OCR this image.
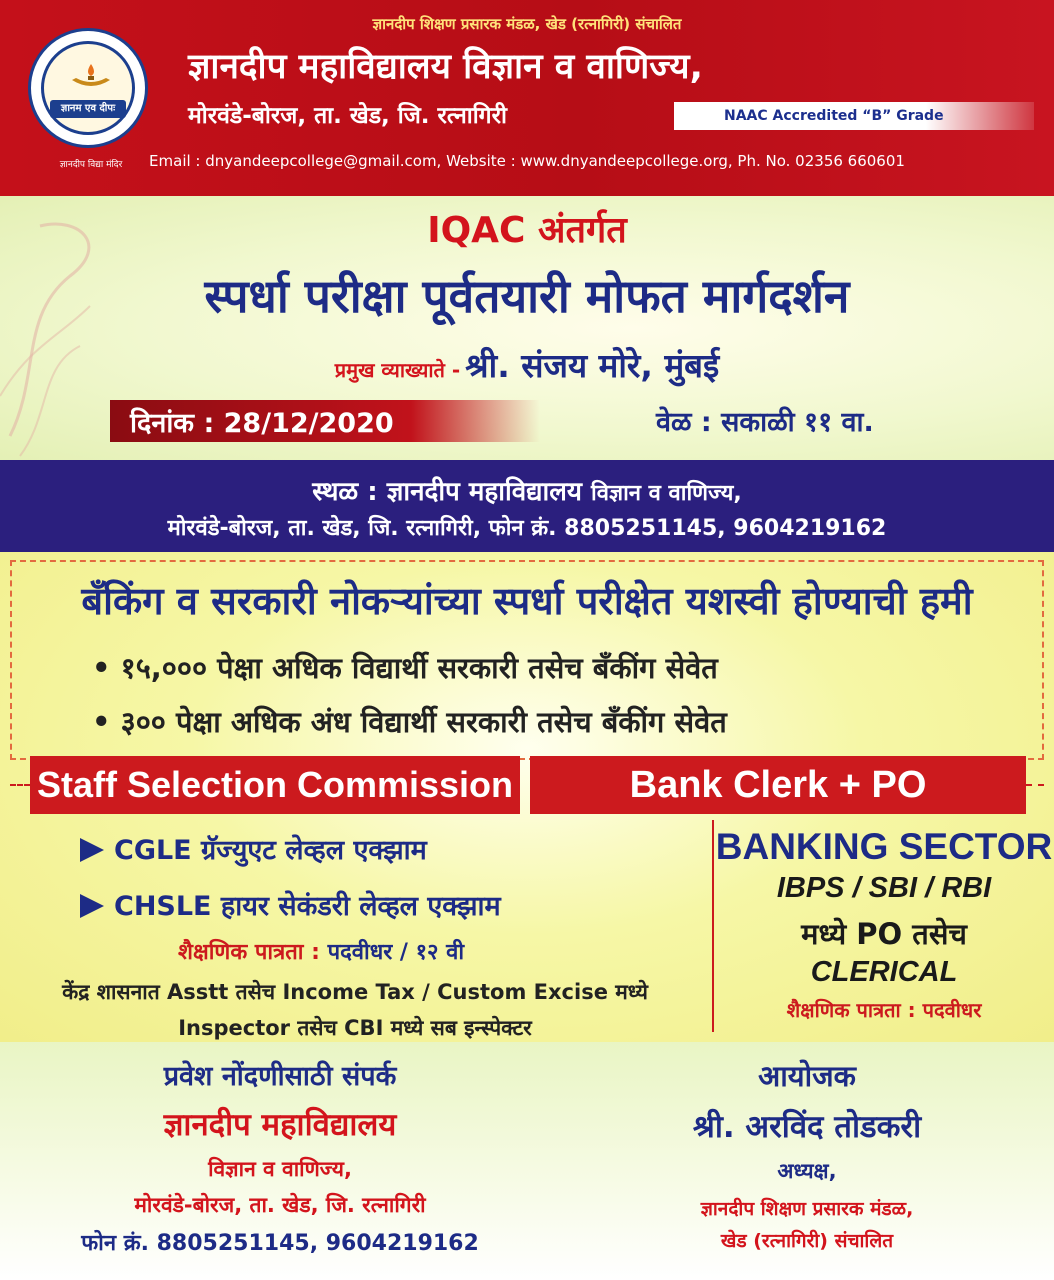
ज्ञानदीप शिक्षण प्रसारक मंडळ, खेड (रत्नागिरी) संचालित
ज्ञानम एव दीपः
ज्ञानदीप विद्या मंदिर
ज्ञानदीप महाविद्यालय विज्ञान व वाणिज्य,
मोरवंडे-बोरज, ता. खेड, जि. रत्नागिरी	NAAC Accredited “B” Grade
Email : dnyandeepcollege@gmail.com, Website : www.dnyandeepcollege.org, Ph. No. 02356 660601
IQAC अंतर्गत
स्पर्धा परीक्षा पूर्वतयारी मोफत मार्गदर्शन
प्रमुख व्याख्याते - श्री. संजय मोरे, मुंबई
दिनांक : 28/12/2020	वेळ : सकाळी ११ वा.
स्थळ : ज्ञानदीप महाविद्यालय विज्ञान व वाणिज्य,
मोरवंडे-बोरज, ता. खेड, जि. रत्नागिरी, फोन क्रं. 8805251145, 9604219162
बँकिंग व सरकारी नोकऱ्यांच्या स्पर्धा परीक्षेत यशस्वी होण्याची हमी
• १५,००० पेक्षा अधिक विद्यार्थी सरकारी तसेच बँकींग सेवेत
• ३०० पेक्षा अधिक अंध विद्यार्थी सरकारी तसेच बँकींग सेवेत
Staff Selection Commission	Bank Clerk + PO
CGLE ग्रॅज्युएट लेव्हल एक्झाम
CHSLE हायर सेकंडरी लेव्हल एक्झाम
शैक्षणिक पात्रता : पदवीधर / १२ वी
केंद्र शासनात Asstt तसेच Income Tax / Custom Excise मध्ये
Inspector तसेच CBI मध्ये सब इन्स्पेक्टर
BANKING SECTOR
IBPS / SBI / RBI
मध्ये PO तसेच
CLERICAL
शैक्षणिक पात्रता : पदवीधर
प्रवेश नोंदणीसाठी संपर्क
ज्ञानदीप महाविद्यालय
विज्ञान व वाणिज्य,
मोरवंडे-बोरज, ता. खेड, जि. रत्नागिरी
फोन क्रं. 8805251145, 9604219162
आयोजक
श्री. अरविंद तोडकरी
अध्यक्ष,
ज्ञानदीप शिक्षण प्रसारक मंडळ,
खेड (रत्नागिरी) संचालित
